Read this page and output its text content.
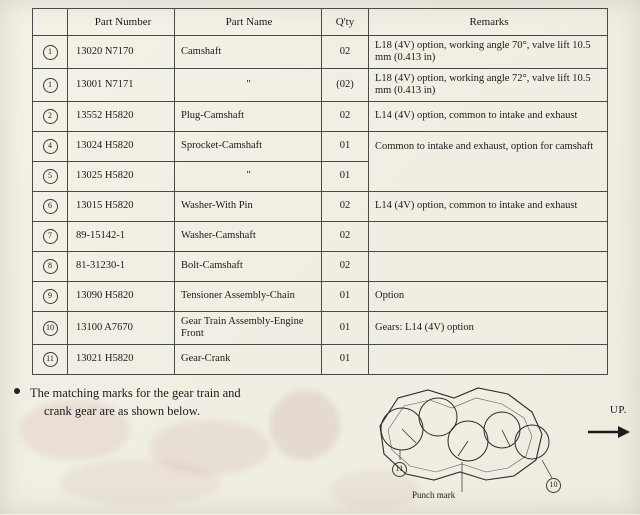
	Part Number	Part Name	Q'ty	Remarks
1	13020 N7170	Camshaft	02	L18 (4V) option, working angle 70°, valve lift 10.5 mm (0.413 in)
1	13001 N7171	″	(02)	L18 (4V) option, working angle 72°, valve lift 10.5 mm (0.413 in)
2	13552 H5820	Plug-Camshaft	02	L14 (4V) option, common to intake and exhaust
4	13024 H5820	Sprocket-Camshaft	01	Common to intake and exhaust, option for camshaft
5	13025 H5820	″	01	
6	13015 H5820	Washer-With Pin	02	L14 (4V) option, common to intake and exhaust
7	89-15142-1	Washer-Camshaft	02	
8	81-31230-1	Bolt-Camshaft	02	
9	13090 H5820	Tensioner Assembly-Chain	01	Option
10	13100 A7670	Gear Train Assembly-Engine Front	01	Gears: L14 (4V) option
11	13021 H5820	Gear-Crank	01	
The matching marks for the gear train and
crank gear are as shown below.	UP.
Punch mark
11
10
